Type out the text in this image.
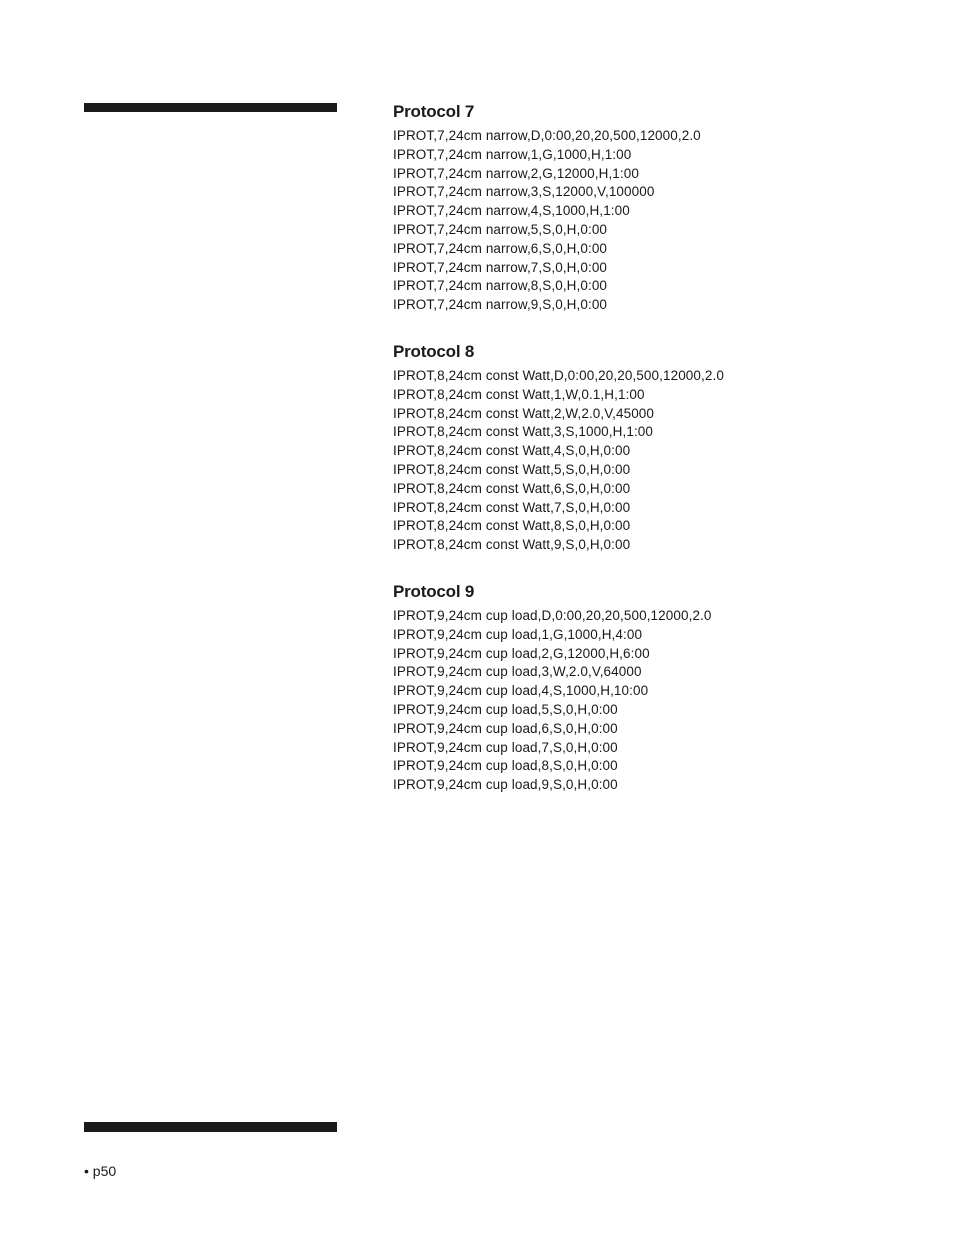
Protocol 7
IPROT,7,24cm narrow,D,0:00,20,20,500,12000,2.0
IPROT,7,24cm narrow,1,G,1000,H,1:00
IPROT,7,24cm narrow,2,G,12000,H,1:00
IPROT,7,24cm narrow,3,S,12000,V,100000
IPROT,7,24cm narrow,4,S,1000,H,1:00
IPROT,7,24cm narrow,5,S,0,H,0:00
IPROT,7,24cm narrow,6,S,0,H,0:00
IPROT,7,24cm narrow,7,S,0,H,0:00
IPROT,7,24cm narrow,8,S,0,H,0:00
IPROT,7,24cm narrow,9,S,0,H,0:00
Protocol 8
IPROT,8,24cm const Watt,D,0:00,20,20,500,12000,2.0
IPROT,8,24cm const Watt,1,W,0.1,H,1:00
IPROT,8,24cm const Watt,2,W,2.0,V,45000
IPROT,8,24cm const Watt,3,S,1000,H,1:00
IPROT,8,24cm const Watt,4,S,0,H,0:00
IPROT,8,24cm const Watt,5,S,0,H,0:00
IPROT,8,24cm const Watt,6,S,0,H,0:00
IPROT,8,24cm const Watt,7,S,0,H,0:00
IPROT,8,24cm const Watt,8,S,0,H,0:00
IPROT,8,24cm const Watt,9,S,0,H,0:00
Protocol 9
IPROT,9,24cm cup load,D,0:00,20,20,500,12000,2.0
IPROT,9,24cm cup load,1,G,1000,H,4:00
IPROT,9,24cm cup load,2,G,12000,H,6:00
IPROT,9,24cm cup load,3,W,2.0,V,64000
IPROT,9,24cm cup load,4,S,1000,H,10:00
IPROT,9,24cm cup load,5,S,0,H,0:00
IPROT,9,24cm cup load,6,S,0,H,0:00
IPROT,9,24cm cup load,7,S,0,H,0:00
IPROT,9,24cm cup load,8,S,0,H,0:00
IPROT,9,24cm cup load,9,S,0,H,0:00
• p50
